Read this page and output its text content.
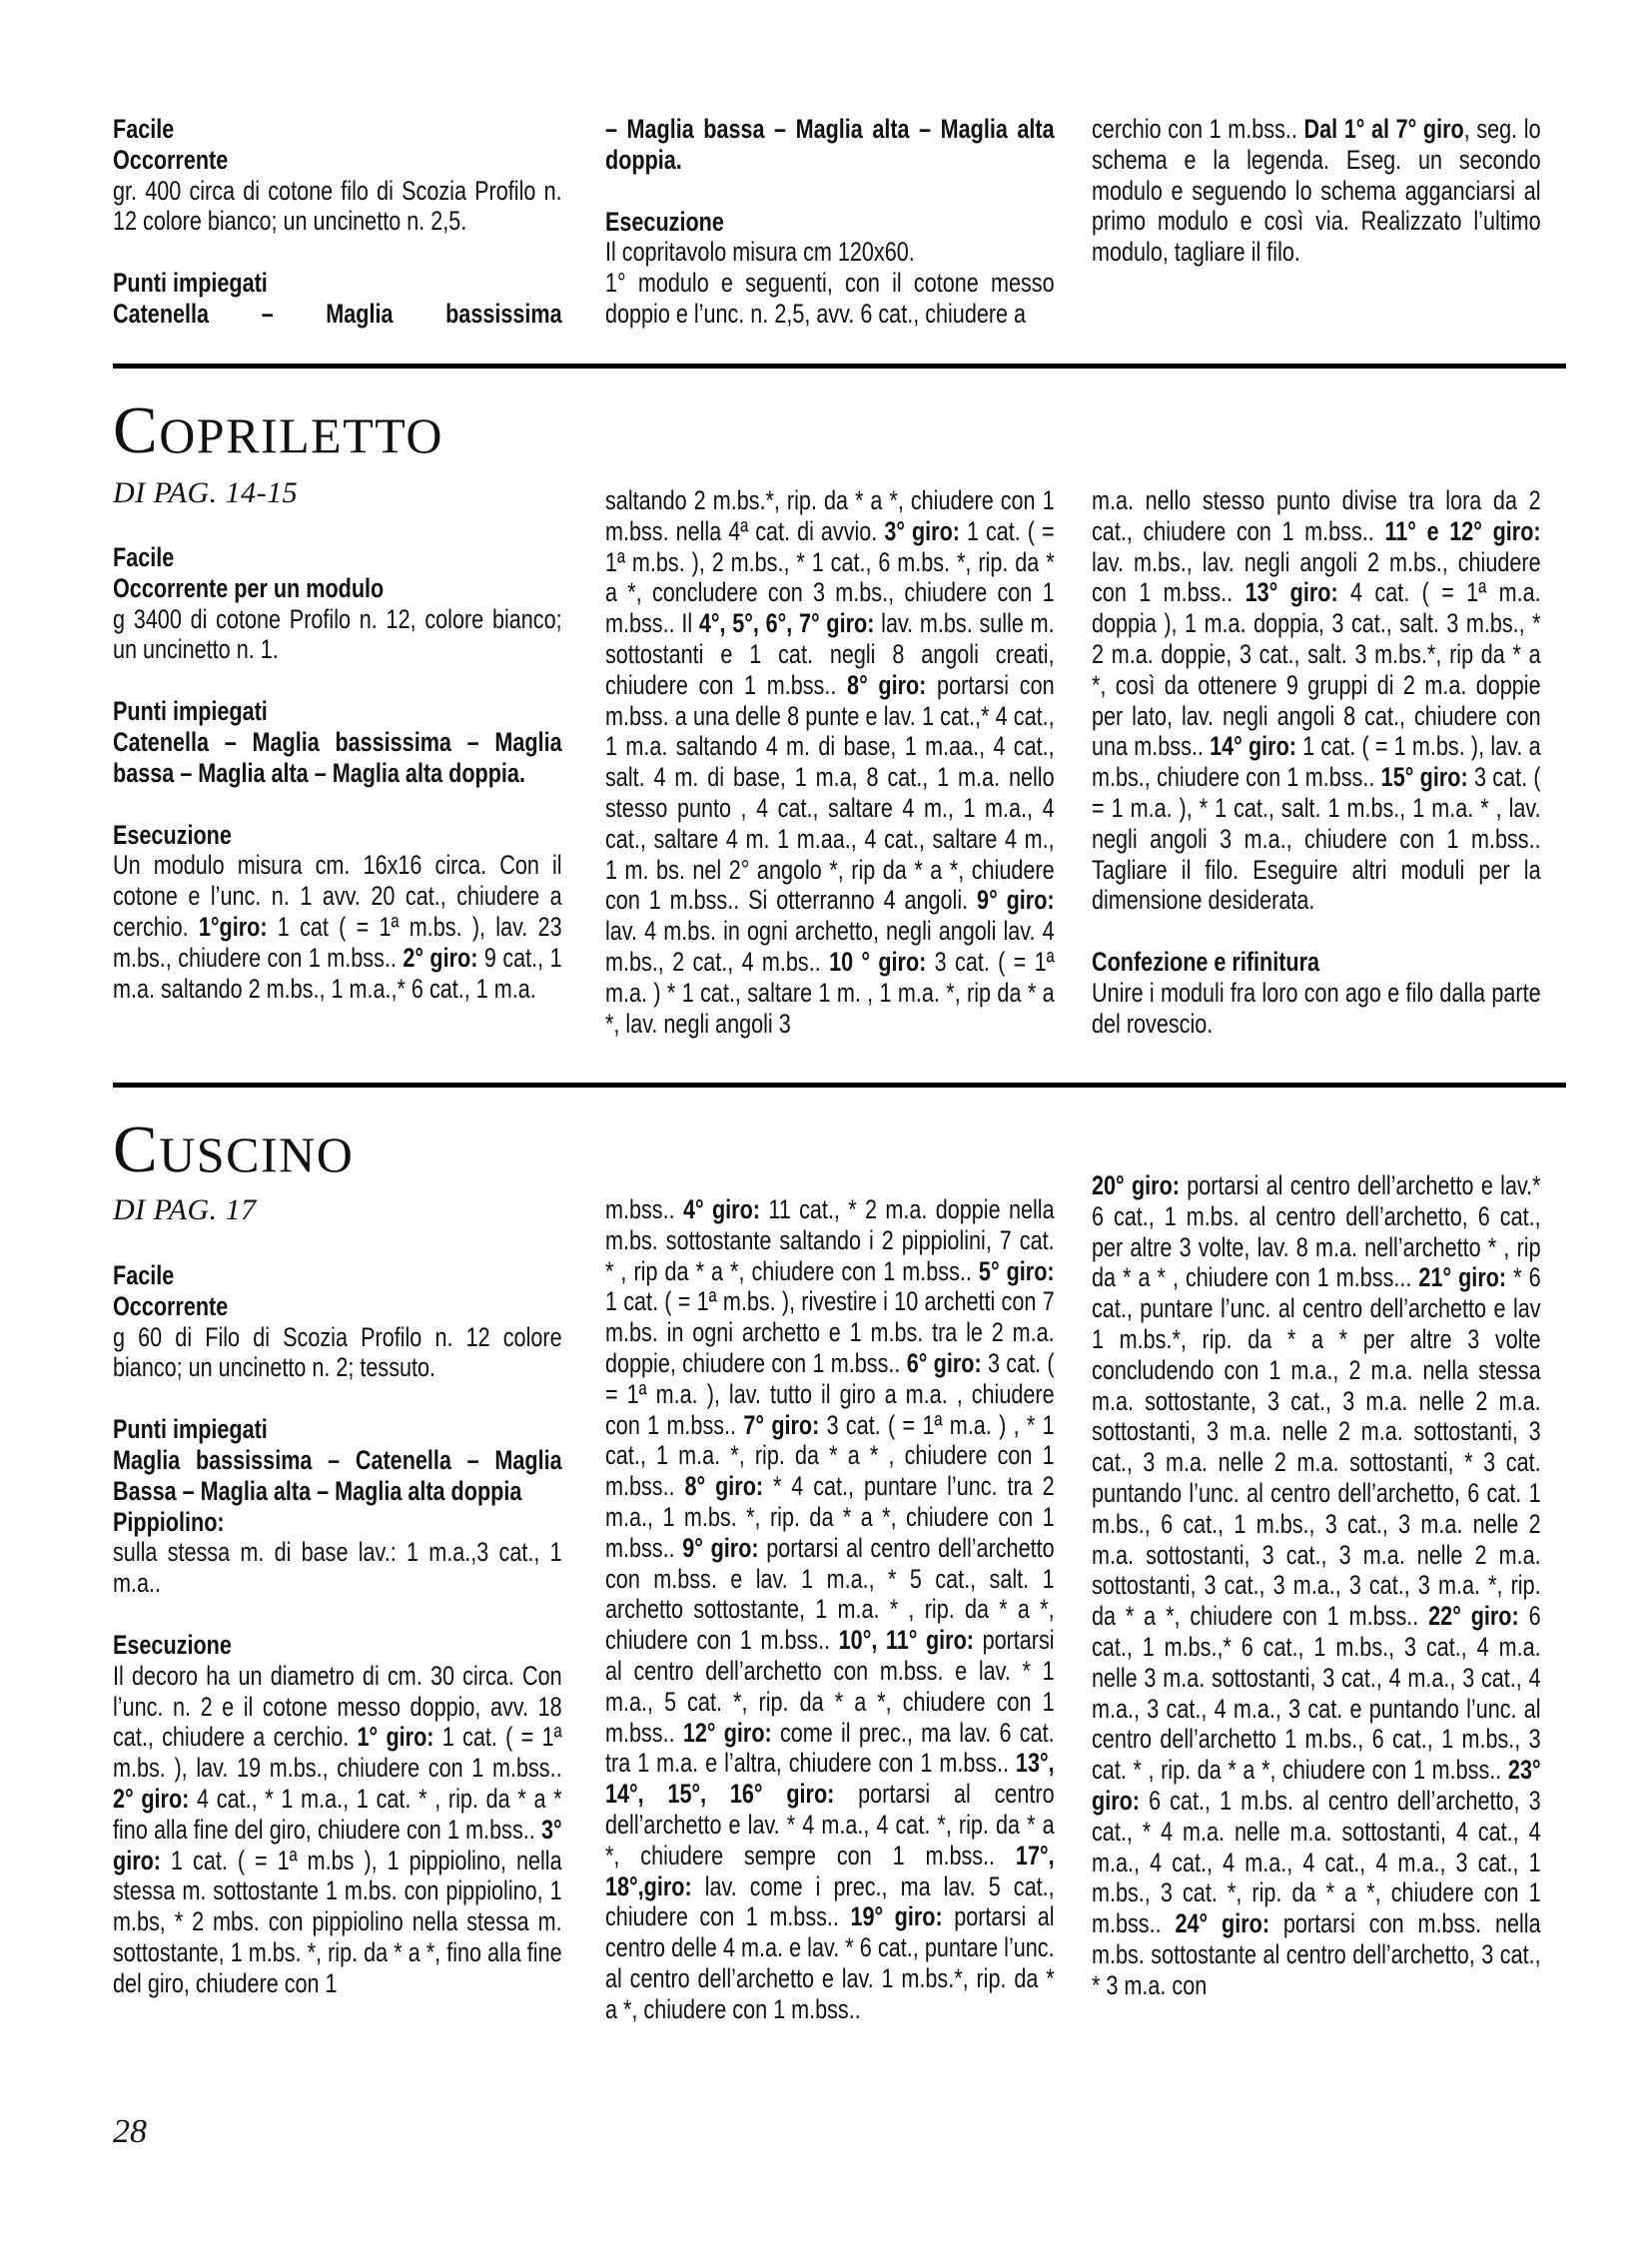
Facile
Occorrente
gr. 400 circa di cotone filo di Scozia Profilo n. 12 colore bianco; un uncinetto n. 2,5.
Punti impiegati
Catenella – Maglia bassissima
– Maglia bassa – Maglia alta – Maglia alta doppia.
Esecuzione
Il copritavolo misura cm 120x60.
1° modulo e seguenti, con il cotone messo doppio e l’unc. n. 2,5, avv. 6 cat., chiudere a
cerchio con 1 m.bss.. Dal 1° al 7° giro, seg. lo schema e la legenda. Eseg. un secondo modulo e seguendo lo schema agganciarsi al primo modulo e così via. Realizzato l’ultimo modulo, tagliare il filo.
COPRILETTO
DI PAG. 14-15
Facile
Occorrente per un modulo
g 3400 di cotone Profilo n. 12, colore bianco; un uncinetto n. 1.
Punti impiegati
Catenella – Maglia bassissima – Maglia bassa – Maglia alta – Maglia alta doppia.
Esecuzione
Un modulo misura cm. 16x16 circa. Con il cotone e l’unc. n. 1 avv. 20 cat., chiudere a cerchio. 1°giro: 1 cat ( = 1ª m.bs. ), lav. 23 m.bs., chiudere con 1 m.bss.. 2° giro: 9 cat., 1 m.a. saltando 2 m.bs., 1 m.a.,* 6 cat., 1 m.a.
saltando 2 m.bs.*, rip. da * a *, chiudere con 1 m.bss. nella 4ª cat. di avvio. 3° giro: 1 cat. ( = 1ª m.bs. ), 2 m.bs., * 1 cat., 6 m.bs. *, rip. da * a *, concludere con 3 m.bs., chiudere con 1 m.bss.. Il 4°, 5°, 6°, 7° giro: lav. m.bs. sulle m. sottostanti e 1 cat. negli 8 angoli creati, chiudere con 1 m.bss.. 8° giro: portarsi con m.bss. a una delle 8 punte e lav. 1 cat.,* 4 cat., 1 m.a. saltando 4 m. di base, 1 m.aa., 4 cat., salt. 4 m. di base, 1 m.a, 8 cat., 1 m.a. nello stesso punto , 4 cat., saltare 4 m., 1 m.a., 4 cat., saltare 4 m. 1 m.aa., 4 cat., saltare 4 m., 1 m. bs. nel 2° angolo *, rip da * a *, chiudere con 1 m.bss.. Si otterranno 4 angoli. 9° giro: lav. 4 m.bs. in ogni archetto, negli angoli lav. 4 m.bs., 2 cat., 4 m.bs.. 10 ° giro: 3 cat. ( = 1ª m.a. ) * 1 cat., saltare 1 m. , 1 m.a. *, rip da * a *, lav. negli angoli 3
m.a. nello stesso punto divise tra lora da 2 cat., chiudere con 1 m.bss.. 11° e 12° giro: lav. m.bs., lav. negli angoli 2 m.bs., chiudere con 1 m.bss.. 13° giro: 4 cat. ( = 1ª m.a. doppia ), 1 m.a. doppia, 3 cat., salt. 3 m.bs., * 2 m.a. doppie, 3 cat., salt. 3 m.bs.*, rip da * a *, così da ottenere 9 gruppi di 2 m.a. doppie per lato, lav. negli angoli 8 cat., chiudere con una m.bss.. 14° giro: 1 cat. ( = 1 m.bs. ), lav. a m.bs., chiudere con 1 m.bss.. 15° giro: 3 cat. ( = 1 m.a. ), * 1 cat., salt. 1 m.bs., 1 m.a. * , lav. negli angoli 3 m.a., chiudere con 1 m.bss.. Tagliare il filo. Eseguire altri moduli per la dimensione desiderata.
Confezione e rifinitura
Unire i moduli fra loro con ago e filo dalla parte del rovescio.
CUSCINO
DI PAG. 17
Facile
Occorrente
g 60 di Filo di Scozia Profilo n. 12 colore bianco; un uncinetto n. 2; tessuto.
Punti impiegati
Maglia bassissima – Catenella – Maglia Bassa – Maglia alta – Maglia alta doppia
Pippiolino:
sulla stessa m. di base lav.: 1 m.a.,3 cat., 1 m.a..
Esecuzione
Il decoro ha un diametro di cm. 30 circa. Con l’unc. n. 2 e il cotone messo doppio, avv. 18 cat., chiudere a cerchio. 1° giro: 1 cat. ( = 1ª m.bs. ), lav. 19 m.bs., chiudere con 1 m.bss.. 2° giro: 4 cat., * 1 m.a., 1 cat. * , rip. da * a * fino alla fine del giro, chiudere con 1 m.bss.. 3° giro: 1 cat. ( = 1ª m.bs ), 1 pippiolino, nella stessa m. sottostante 1 m.bs. con pippiolino, 1 m.bs, * 2 mbs. con pippiolino nella stessa m. sottostante, 1 m.bs. *, rip. da * a *, fino alla fine del giro, chiudere con 1
m.bss.. 4° giro: 11 cat., * 2 m.a. doppie nella m.bs. sottostante saltando i 2 pippiolini, 7 cat. * , rip da * a *, chiudere con 1 m.bss.. 5° giro: 1 cat. ( = 1ª m.bs. ), rivestire i 10 archetti con 7 m.bs. in ogni archetto e 1 m.bs. tra le 2 m.a. doppie, chiudere con 1 m.bss.. 6° giro: 3 cat. ( = 1ª m.a. ), lav. tutto il giro a m.a. , chiudere con 1 m.bss.. 7° giro: 3 cat. ( = 1ª m.a. ) , * 1 cat., 1 m.a. *, rip. da * a * , chiudere con 1 m.bss.. 8° giro: * 4 cat., puntare l’unc. tra 2 m.a., 1 m.bs. *, rip. da * a *, chiudere con 1 m.bss.. 9° giro: portarsi al centro dell’archetto con m.bss. e lav. 1 m.a., * 5 cat., salt. 1 archetto sottostante, 1 m.a. * , rip. da * a *, chiudere con 1 m.bss.. 10°, 11° giro: portarsi al centro dell’archetto con m.bss. e lav. * 1 m.a., 5 cat. *, rip. da * a *, chiudere con 1 m.bss.. 12° giro: come il prec., ma lav. 6 cat. tra 1 m.a. e l’altra, chiudere con 1 m.bss.. 13°, 14°, 15°, 16° giro: portarsi al centro dell’archetto e lav. * 4 m.a., 4 cat. *, rip. da * a *, chiudere sempre con 1 m.bss.. 17°, 18°,giro: lav. come i prec., ma lav. 5 cat., chiudere con 1 m.bss.. 19° giro: portarsi al centro delle 4 m.a. e lav. * 6 cat., puntare l’unc. al centro dell’archetto e lav. 1 m.bs.*, rip. da * a *, chiudere con 1 m.bss..
20° giro: portarsi al centro dell’archetto e lav.* 6 cat., 1 m.bs. al centro dell’archetto, 6 cat., per altre 3 volte, lav. 8 m.a. nell’archetto * , rip da * a * , chiudere con 1 m.bss... 21° giro: * 6 cat., puntare l’unc. al centro dell’archetto e lav 1 m.bs.*, rip. da * a * per altre 3 volte concludendo con 1 m.a., 2 m.a. nella stessa m.a. sottostante, 3 cat., 3 m.a. nelle 2 m.a. sottostanti, 3 m.a. nelle 2 m.a. sottostanti, 3 cat., 3 m.a. nelle 2 m.a. sottostanti, * 3 cat. puntando l’unc. al centro dell’archetto, 6 cat. 1 m.bs., 6 cat., 1 m.bs., 3 cat., 3 m.a. nelle 2 m.a. sottostanti, 3 cat., 3 m.a. nelle 2 m.a. sottostanti, 3 cat., 3 m.a., 3 cat., 3 m.a. *, rip. da * a *, chiudere con 1 m.bss.. 22° giro: 6 cat., 1 m.bs.,* 6 cat., 1 m.bs., 3 cat., 4 m.a. nelle 3 m.a. sottostanti, 3 cat., 4 m.a., 3 cat., 4 m.a., 3 cat., 4 m.a., 3 cat. e puntando l’unc. al centro dell’archetto 1 m.bs., 6 cat., 1 m.bs., 3 cat. * , rip. da * a *, chiudere con 1 m.bss.. 23° giro: 6 cat., 1 m.bs. al centro dell’archetto, 3 cat., * 4 m.a. nelle m.a. sottostanti, 4 cat., 4 m.a., 4 cat., 4 m.a., 4 cat., 4 m.a., 3 cat., 1 m.bs., 3 cat. *, rip. da * a *, chiudere con 1 m.bss.. 24° giro: portarsi con m.bss. nella m.bs. sottostante al centro dell’archetto, 3 cat., * 3 m.a. con
28
